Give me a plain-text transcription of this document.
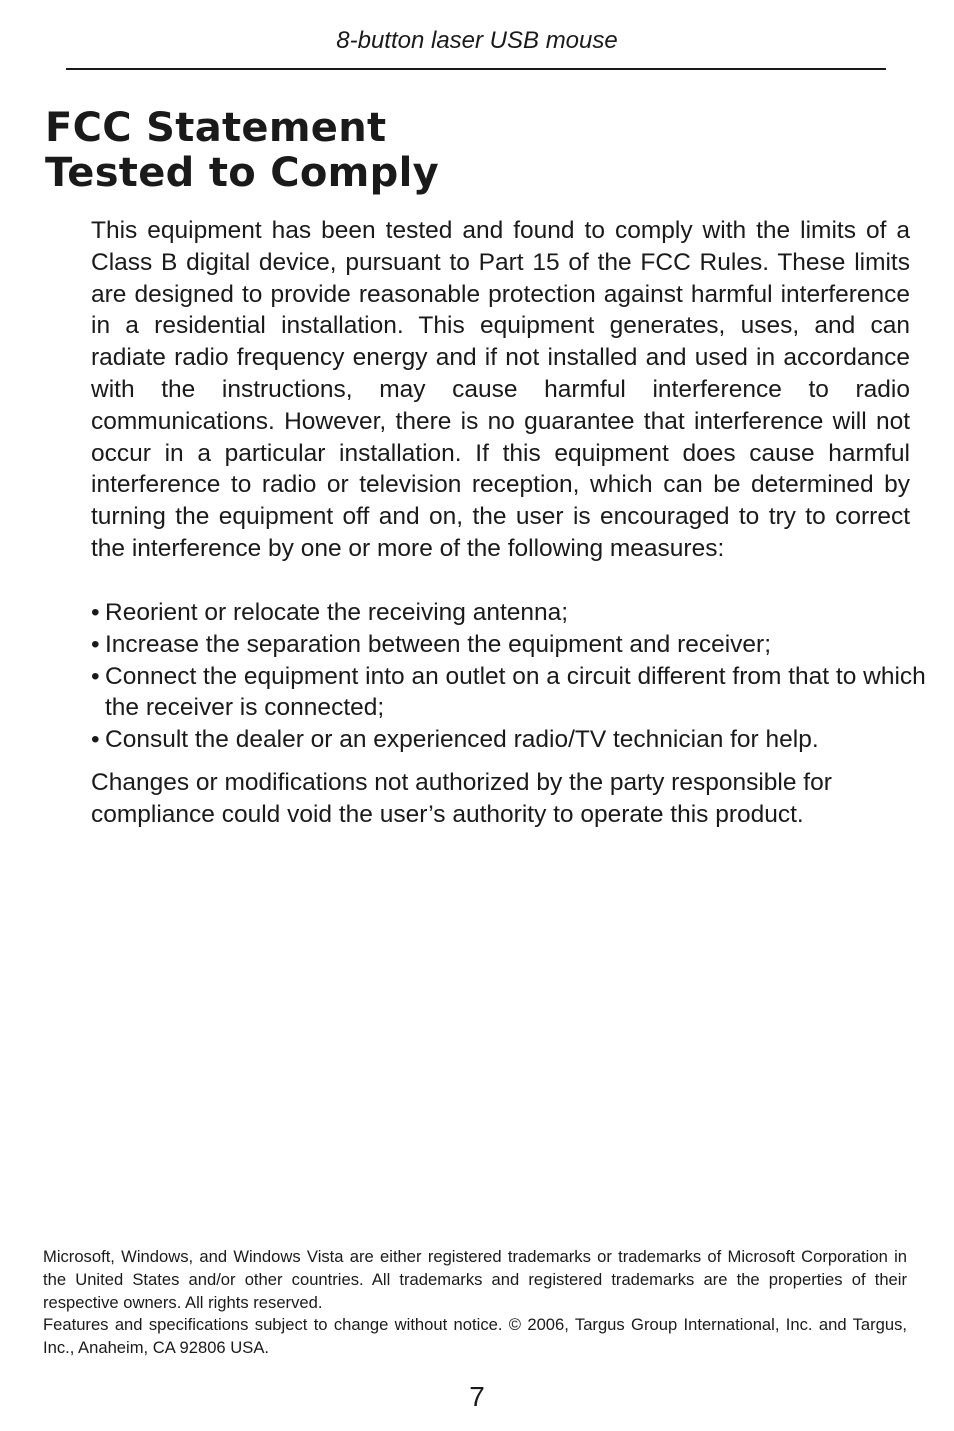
8-button laser USB mouse
FCC Statement
Tested to Comply

This equipment has been tested and found to comply with the limits of a Class B digital device, pursuant to Part 15 of the FCC Rules. These limits are designed to provide reasonable protection against harmful interference in a residential installation. This equipment generates, uses, and can radiate radio frequency energy and if not installed and used in accordance with the instructions, may cause harmful interference to radio communications. However, there is no guarantee that interference will not occur in a particular installation. If this equipment does cause harmful interference to radio or television reception, which can be determined by turning the equipment off and on, the user is encouraged to try to correct the interference by one or more of the following measures:

• Reorient or relocate the receiving antenna;
• Increase the separation between the equipment and receiver;
• Connect the equipment into an outlet on a circuit different from that to which the receiver is connected;
• Consult the dealer or an experienced radio/TV technician for help.

Changes or modifications not authorized by the party responsible for compliance could void the user’s authority to operate this product.

Microsoft, Windows, and Windows Vista are either registered trademarks or trademarks of Microsoft Corporation in the United States and/or other countries. All trademarks and registered trademarks are the properties of their respective owners. All rights reserved.

Features and specifications subject to change without notice. © 2006, Targus Group International, Inc. and Targus, Inc., Anaheim, CA 92806 USA.

7
